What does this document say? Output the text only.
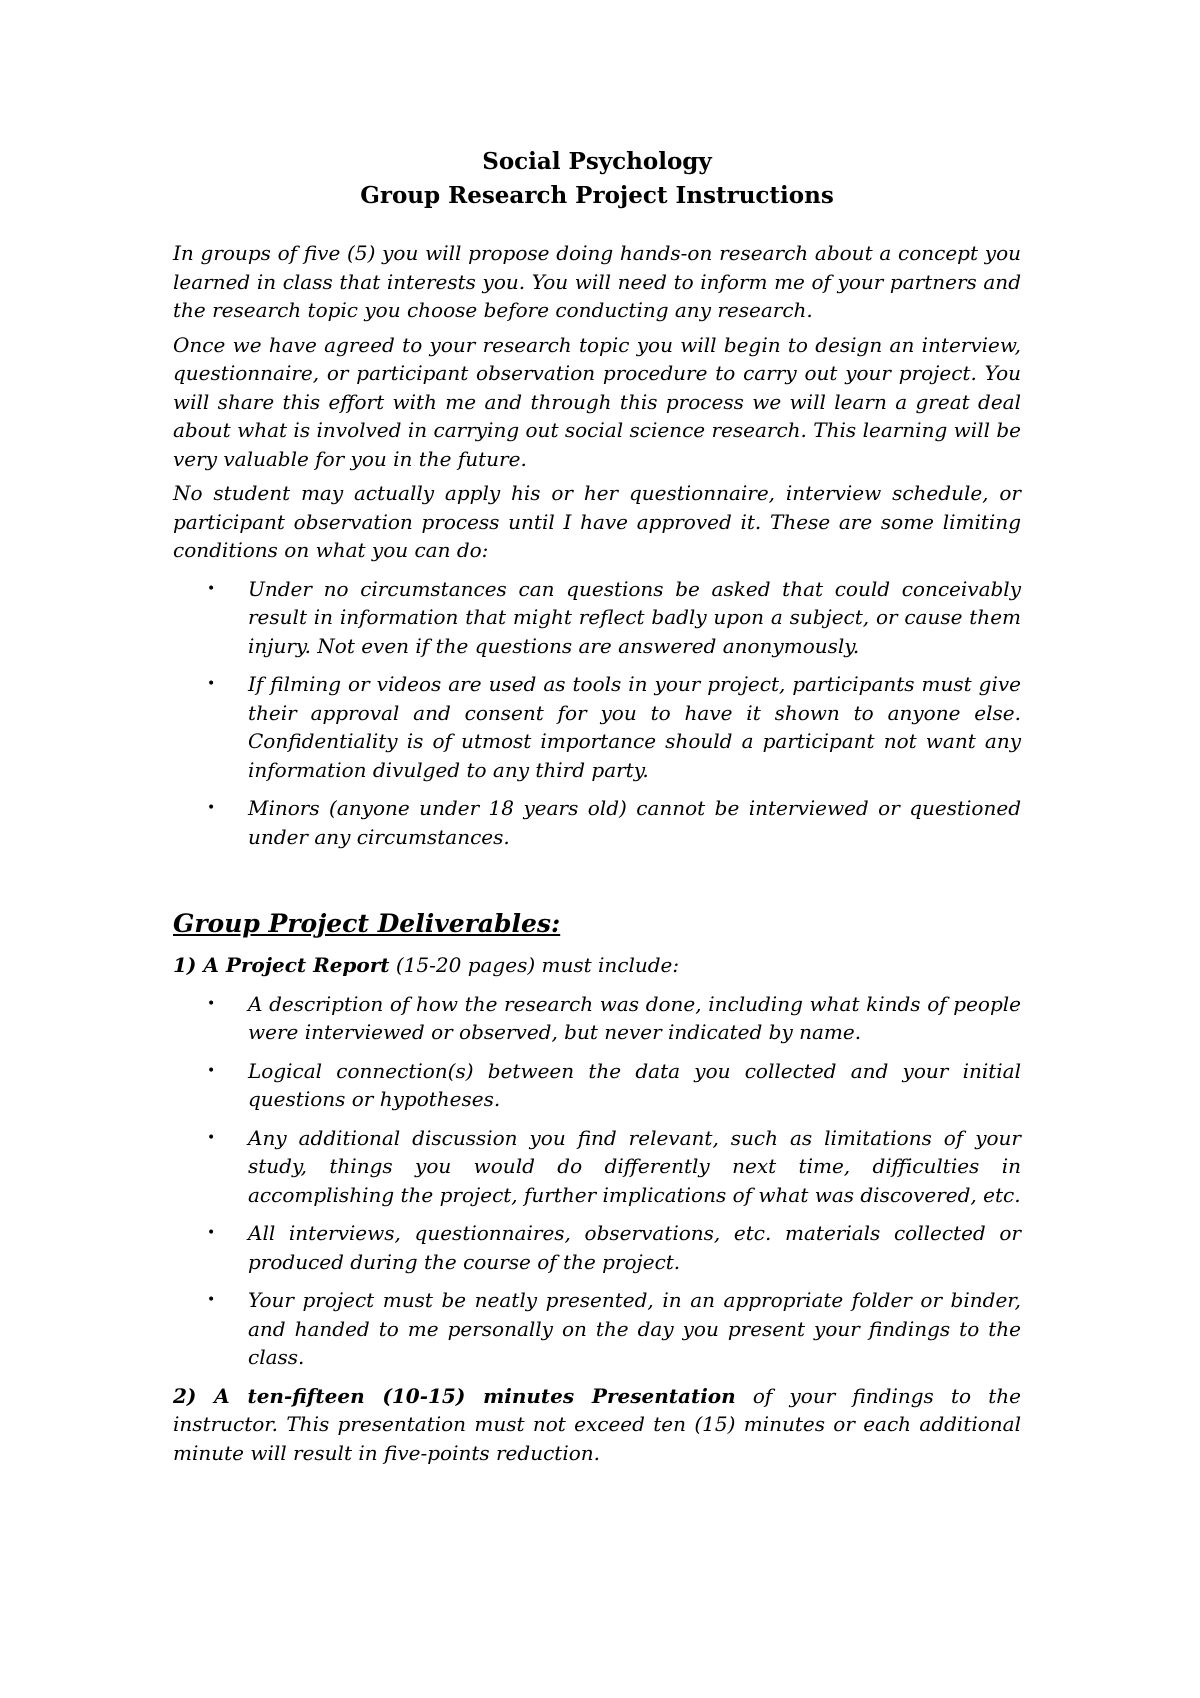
Social Psychology
Group Research Project Instructions

In groups of five (5) you will propose doing hands-on research about a concept you learned in class that interests you. You will need to inform me of your partners and the research topic you choose before conducting any research.

Once we have agreed to your research topic you will begin to design an interview, questionnaire, or participant observation procedure to carry out your project. You will share this effort with me and through this process we will learn a great deal about what is involved in carrying out social science research. This learning will be very valuable for you in the future.

No student may actually apply his or her questionnaire, interview schedule, or participant observation process until I have approved it. These are some limiting conditions on what you can do:

• Under no circumstances can questions be asked that could conceivably result in information that might reflect badly upon a subject, or cause them injury. Not even if the questions are answered anonymously.
• If filming or videos are used as tools in your project, participants must give their approval and consent for you to have it shown to anyone else. Confidentiality is of utmost importance should a participant not want any information divulged to any third party.
• Minors (anyone under 18 years old) cannot be interviewed or questioned under any circumstances.
Group Project Deliverables:

1) A Project Report (15-20 pages) must include:

• A description of how the research was done, including what kinds of people were interviewed or observed, but never indicated by name.
• Logical connection(s) between the data you collected and your initial questions or hypotheses.
• Any additional discussion you find relevant, such as limitations of your study, things you would do differently next time, difficulties in accomplishing the project, further implications of what was discovered, etc.
• All interviews, questionnaires, observations, etc. materials collected or produced during the course of the project.
• Your project must be neatly presented, in an appropriate folder or binder, and handed to me personally on the day you present your findings to the class.

2) A ten-fifteen (10-15) minutes Presentation of your findings to the instructor. This presentation must not exceed ten (15) minutes or each additional minute will result in five-points reduction.
